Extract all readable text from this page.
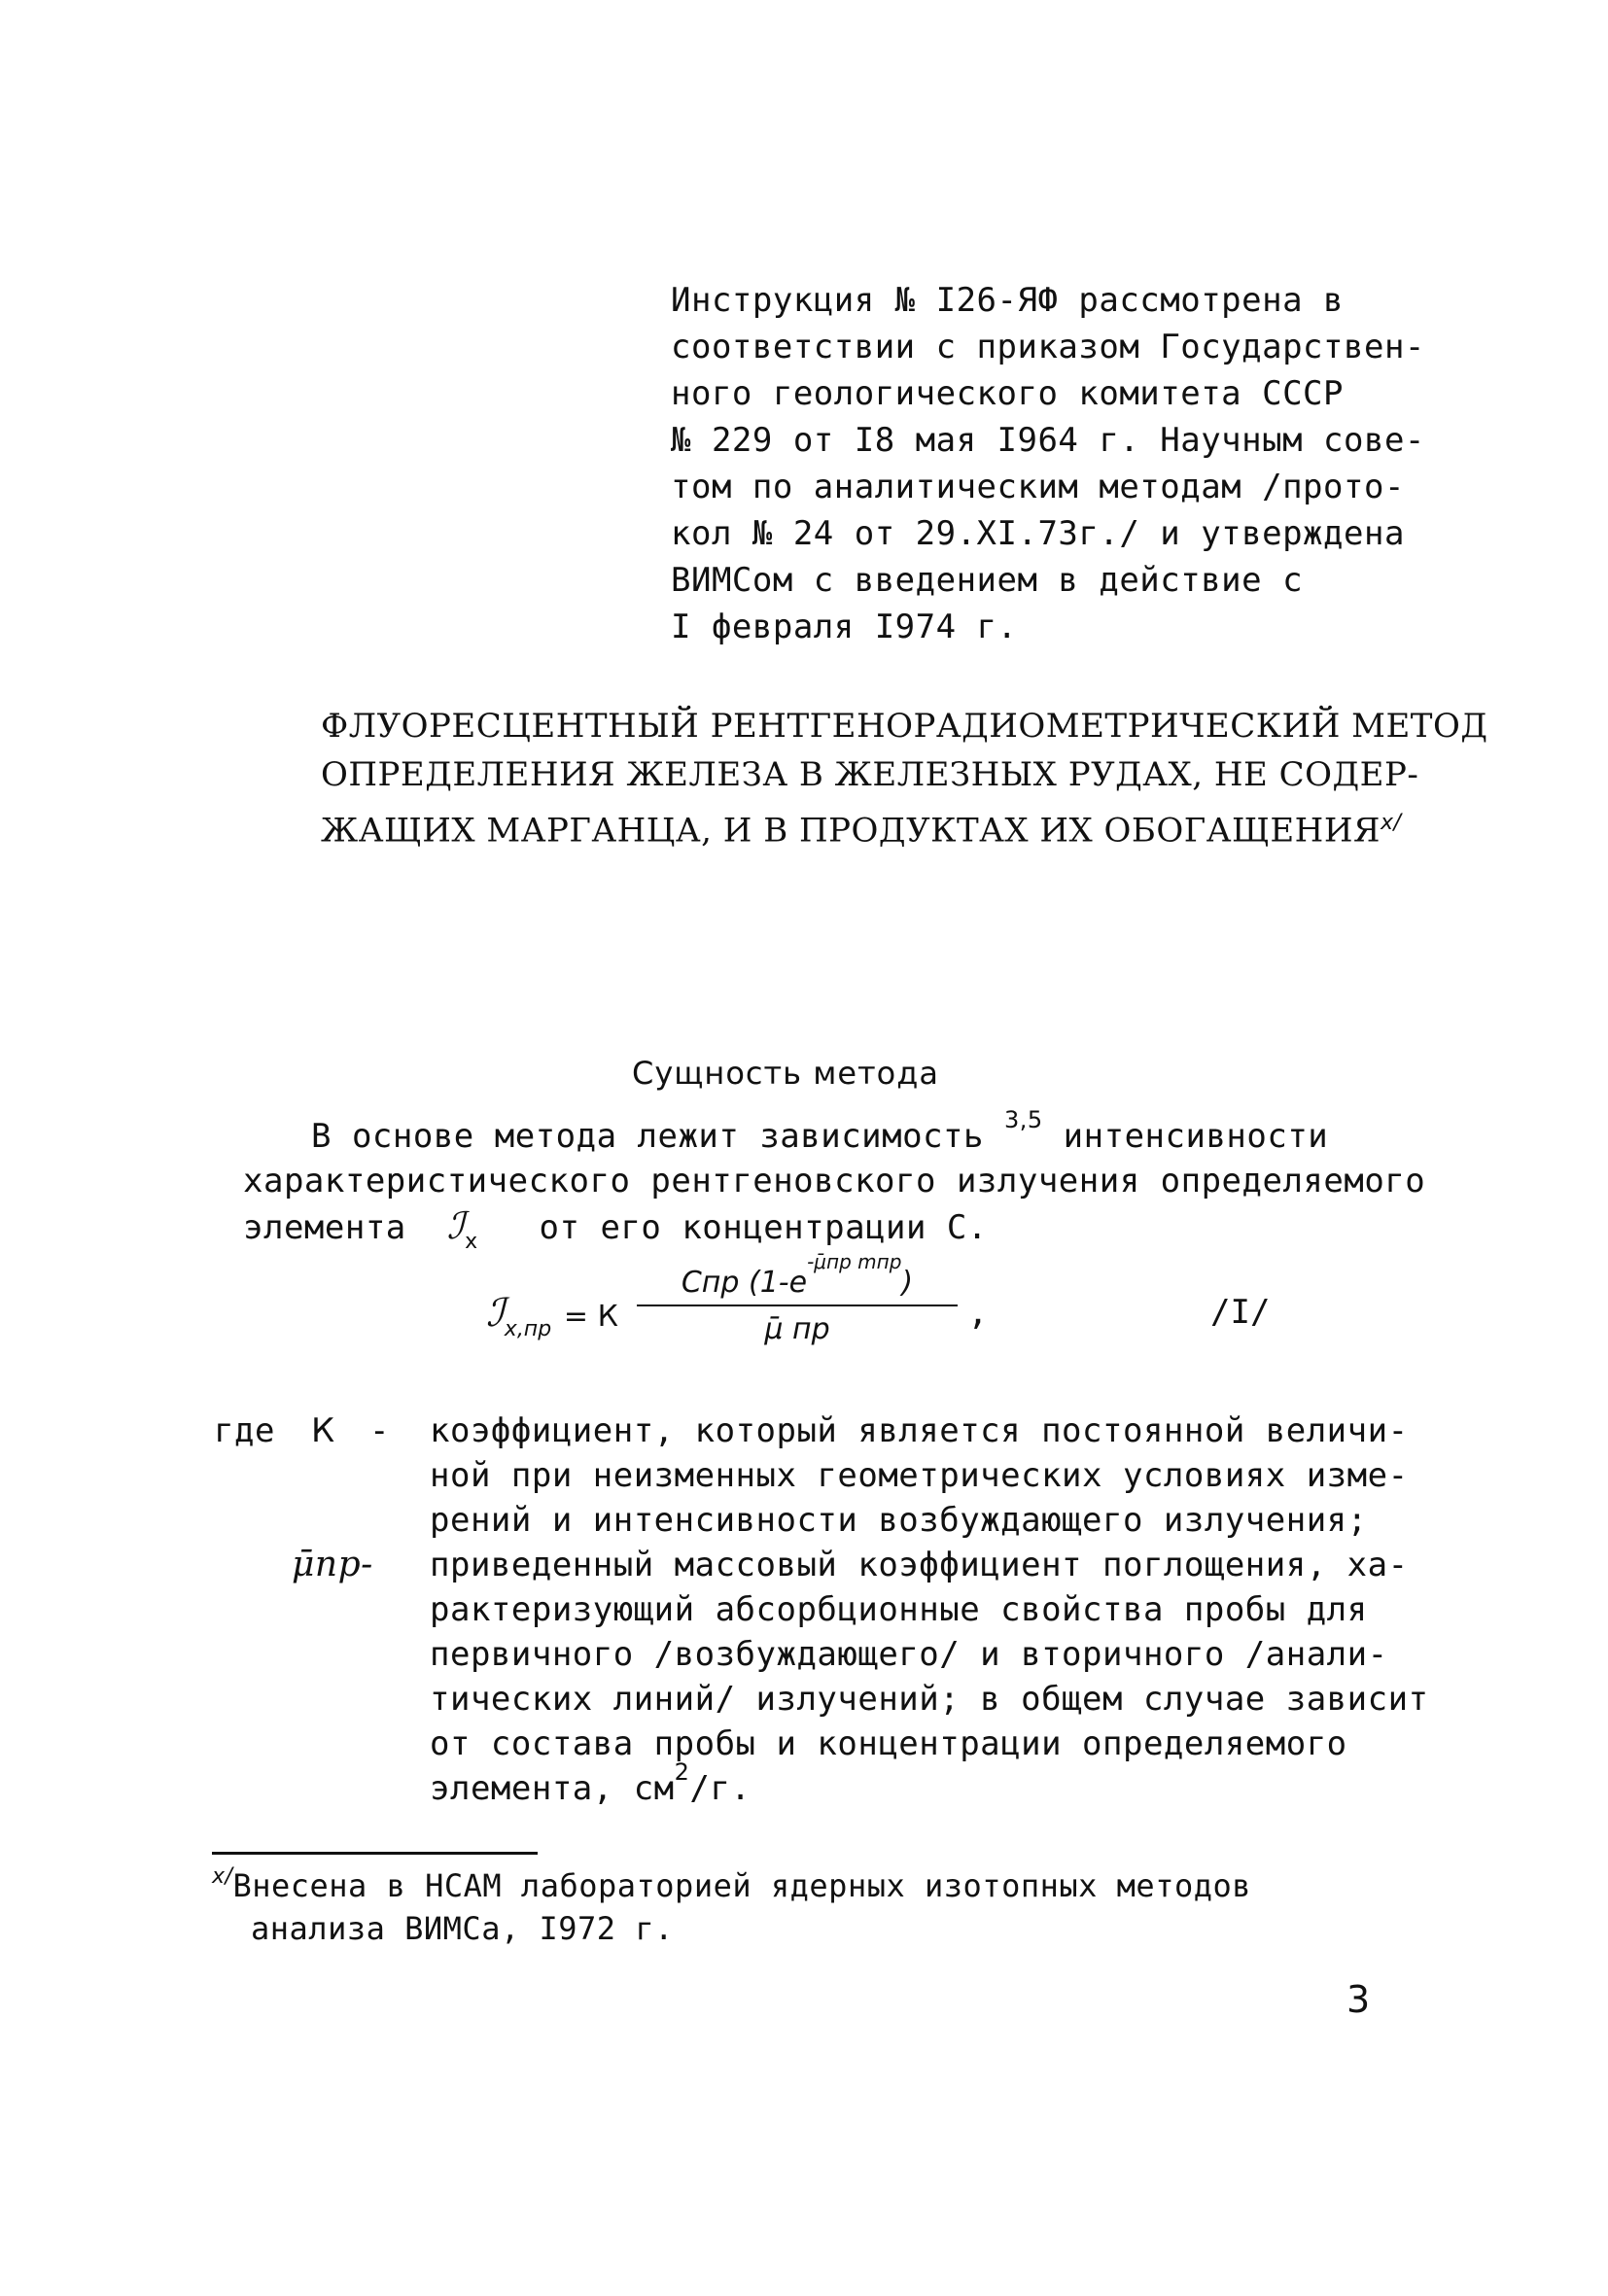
Инструкция № I26-ЯФ рассмотрена в
соответствии с приказом Государствен-
ного геологического комитета СССР
№ 229 от I8 мая I964 г. Научным сове-
том по аналитическим методам /прото-
кол № 24 от 29.XI.73г./ и утверждена
ВИМСом с введением в действие с
I февраля I974 г.
ФЛУОРЕСЦЕНТНЫЙ РЕНТГЕНОРАДИОМЕТРИЧЕСКИЙ МЕТОД
ОПРЕДЕЛЕНИЯ ЖЕЛЕЗА В ЖЕЛЕЗНЫХ РУДАХ, НЕ СОДЕР-
ЖАЩИХ МАРГАНЦА, И В ПРОДУКТАХ ИХ ОБОГАЩЕНИЯ$^{x/}$
Сущность метода
В основе метода лежит зависимость $^{3,5}$ интенсивности
характеристического рентгеновского излучения определяемого
элемента ℐ$_x$ от его концентрации С.
ℐ$_{x,пр}$ = К
Cпр $(1-e^{-\mūпр mпр})$
μ̄ пр	,	/I/
где К - коэффициент, который является постоянной величи-
ной при неизменных геометрических условиях изме-
рений и интенсивности возбуждающего излучения;
μ̄пр- приведенный массовый коэффициент поглощения, ха-
рактеризующий абсорбционные свойства пробы для
первичного /возбуждающего/ и вторичного /анали-
тических линий/ излучений; в общем случае зависит
от состава пробы и концентрации определяемого
элемента, $см^2/г$.
$^{x/}$Внесена в НСАМ лабораторией ядерных изотопных методов
анализа ВИМСа, I972 г.
3
